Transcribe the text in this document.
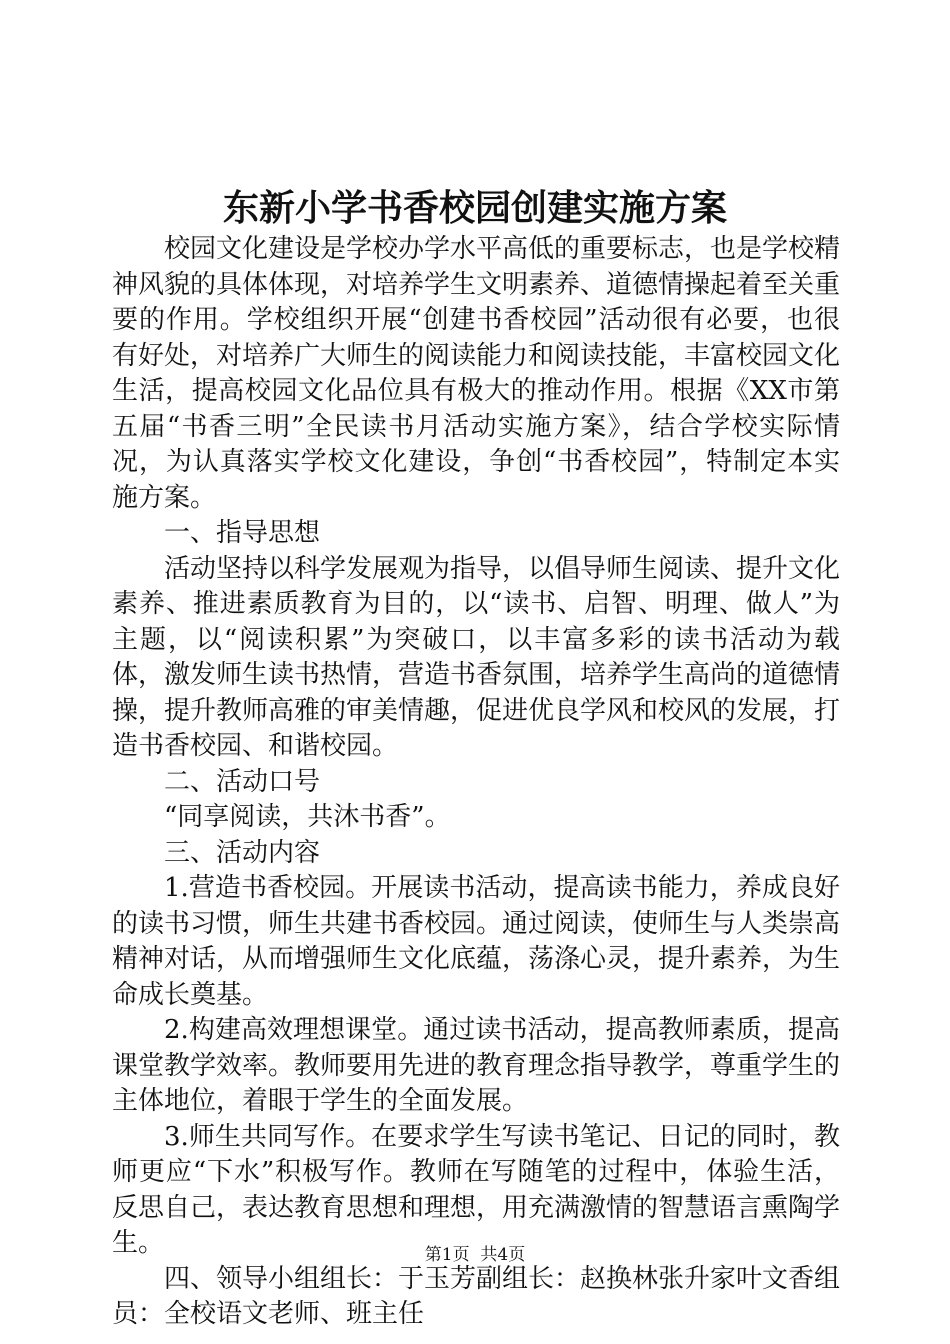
东新小学书香校园创建实施方案

校园文化建设是学校办学水平高低的重要标志，也是学校精神风貌的具体体现，对培养学生文明素养、道德情操起着至关重要的作用。学校组织开展“创建书香校园”活动很有必要，也很有好处，对培养广大师生的阅读能力和阅读技能，丰富校园文化生活，提高校园文化品位具有极大的推动作用。根据《XX市第五届“书香三明”全民读书月活动实施方案》，结合学校实际情况，为认真落实学校文化建设，争创“书香校园”，特制定本实施方案。

一、指导思想

活动坚持以科学发展观为指导，以倡导师生阅读、提升文化素养、推进素质教育为目的，以“读书、启智、明理、做人”为主题，以“阅读积累”为突破口，以丰富多彩的读书活动为载体，激发师生读书热情，营造书香氛围，培养学生高尚的道德情操，提升教师高雅的审美情趣，促进优良学风和校风的发展，打造书香校园、和谐校园。

二、活动口号

“同享阅读，共沐书香”。

三、活动内容

1.营造书香校园。开展读书活动，提高读书能力，养成良好的读书习惯，师生共建书香校园。通过阅读，使师生与人类崇高精神对话，从而增强师生文化底蕴，荡涤心灵，提升素养，为生命成长奠基。

2.构建高效理想课堂。通过读书活动，提高教师素质，提高课堂教学效率。教师要用先进的教育理念指导教学，尊重学生的主体地位，着眼于学生的全面发展。

3.师生共同写作。在要求学生写读书笔记、日记的同时，教师更应“下水”积极写作。教师在写随笔的过程中，体验生活，反思自己，表达教育思想和理想，用充满激情的智慧语言熏陶学生。

四、领导小组组长：于玉芳副组长：赵换林张升家叶文香组员：全校语文老师、班主任

第1页  共4页
